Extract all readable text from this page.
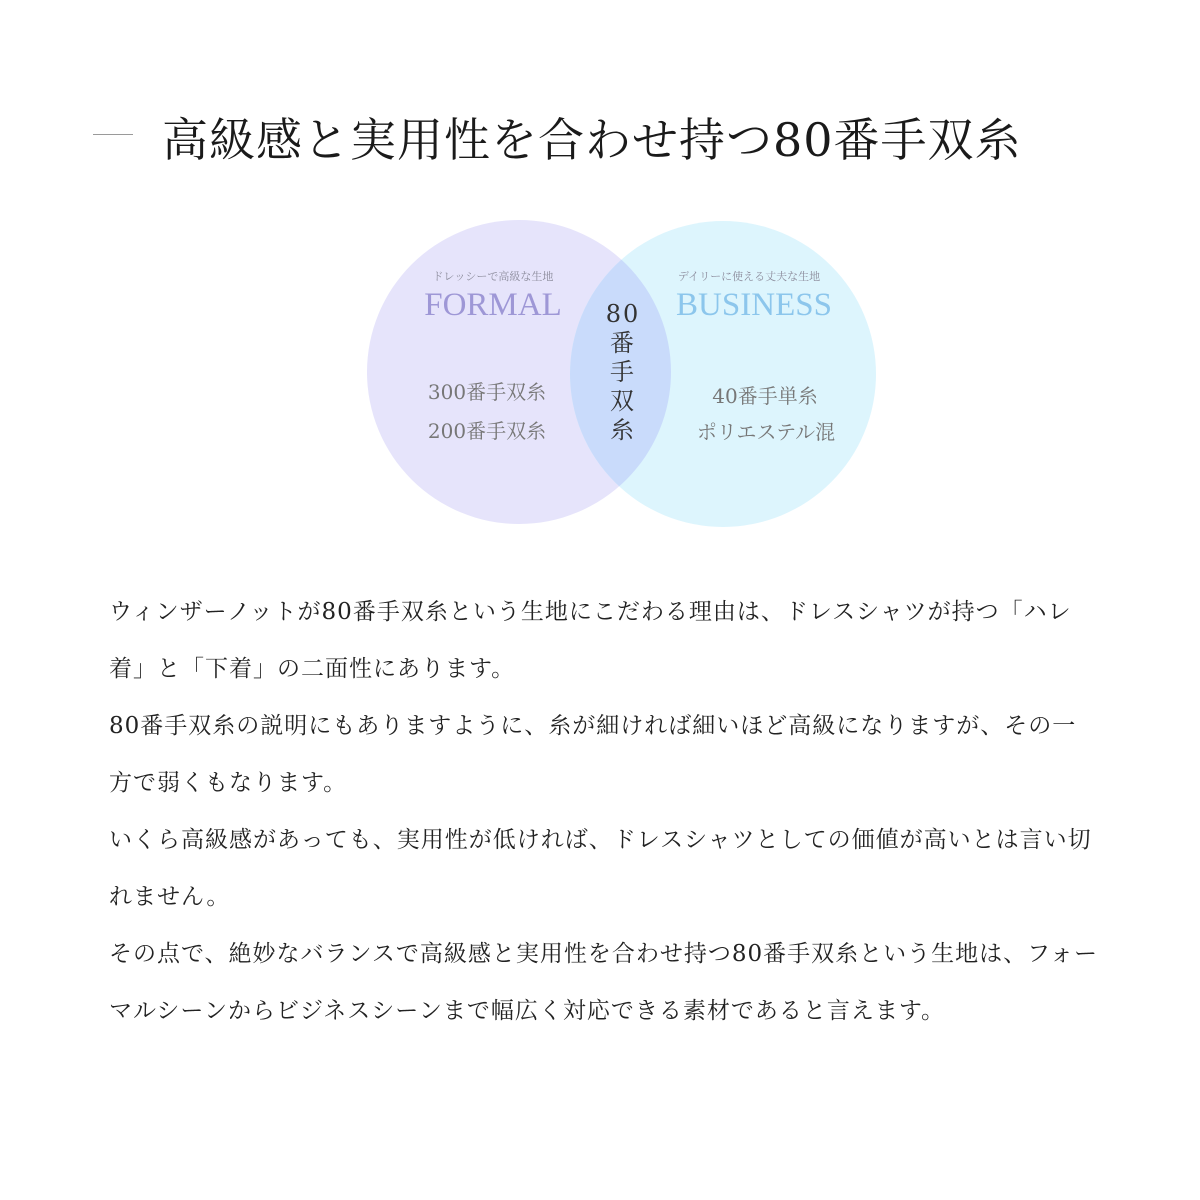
高級感と実用性を合わせ持つ80番手双糸
ドレッシーで高級な生地
FORMAL
300番手双糸
200番手双糸
デイリーに使える丈夫な生地
BUSINESS
40番手単糸
ポリエステル混
80
番
手
双
糸

ウィンザーノットが80番手双糸という生地にこだわる理由は、ドレスシャツが持つ「ハレ着」と「下着」の二面性にあります。

80番手双糸の説明にもありますように、糸が細ければ細いほど高級になりますが、その一方で弱くもなります。

いくら高級感があっても、実用性が低ければ、ドレスシャツとしての価値が高いとは言い切れません。

その点で、絶妙なバランスで高級感と実用性を合わせ持つ80番手双糸という生地は、フォーマルシーンからビジネスシーンまで幅広く対応できる素材であると言えます。
